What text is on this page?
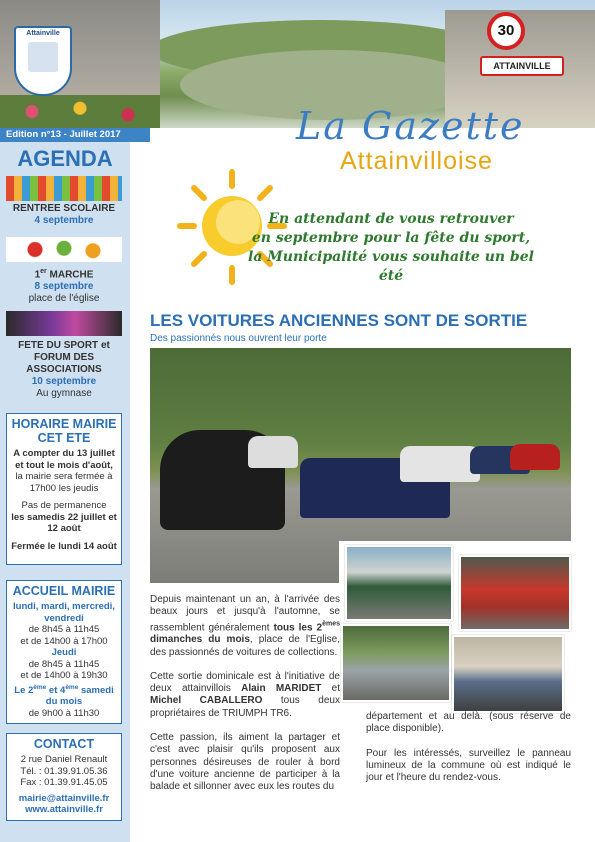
Attainville	30
ATTAINVILLE
Edition n°13 - Juillet 2017
AGENDA
RENTREE SCOLAIRE
4 septembre
1er MARCHE
8 septembre
place de l'église
FETE DU SPORT et FORUM DES ASSOCIATIONS
10 septembre
Au gymnase
HORAIRE MAIRIE CET ETE
A compter du 13 juillet et tout le mois d'août,
la mairie sera fermée à 17h00 les jeudis
Pas de permanence
les samedis 22 juillet et 12 août
Fermée le lundi 14 août
ACCUEIL MAIRIE
lundi, mardi, mercredi, vendredi
de 8h45 à 11h45
et de 14h00 à 17h00
Jeudi
de 8h45 à 11h45
et de 14h00 à 19h30
Le 2ème et 4ème samedi du mois
de 9h00 à 11h30
CONTACT
2 rue Daniel Renault
Tél. : 01.39.91.05.36
Fax : 01.39.91.45.05
mairie@attainville.fr
www.attainville.fr
La Gazette
Attainvilloise
En attendant de vous retrouver
en septembre pour la fête du sport,
la Municipalité vous souhaite un bel été
LES VOITURES ANCIENNES SONT DE SORTIE
Des passionnés nous ouvrent leur porte

Depuis maintenant un an, à l'arrivée des beaux jours et jusqu'à l'automne, se rassemblent généralement tous les 2èmes dimanches du mois, place de l'Eglise, des passionnés de voitures de collections.

Cette sortie dominicale est à l'initiative de deux attainvillois Alain MARIDET et Michel CABALLERO tous deux propriétaires de TRIUMPH TR6.

Cette passion, ils aiment la partager et c'est avec plaisir qu'ils proposent aux personnes désireuses de rouler à bord d'une voiture ancienne de participer à la balade et sillonner avec eux les routes du

département et au delà. (sous réserve de place disponible).

Pour les intéressés, surveillez le panneau lumineux de la commune où est indiqué le jour et l'heure du rendez-vous.
